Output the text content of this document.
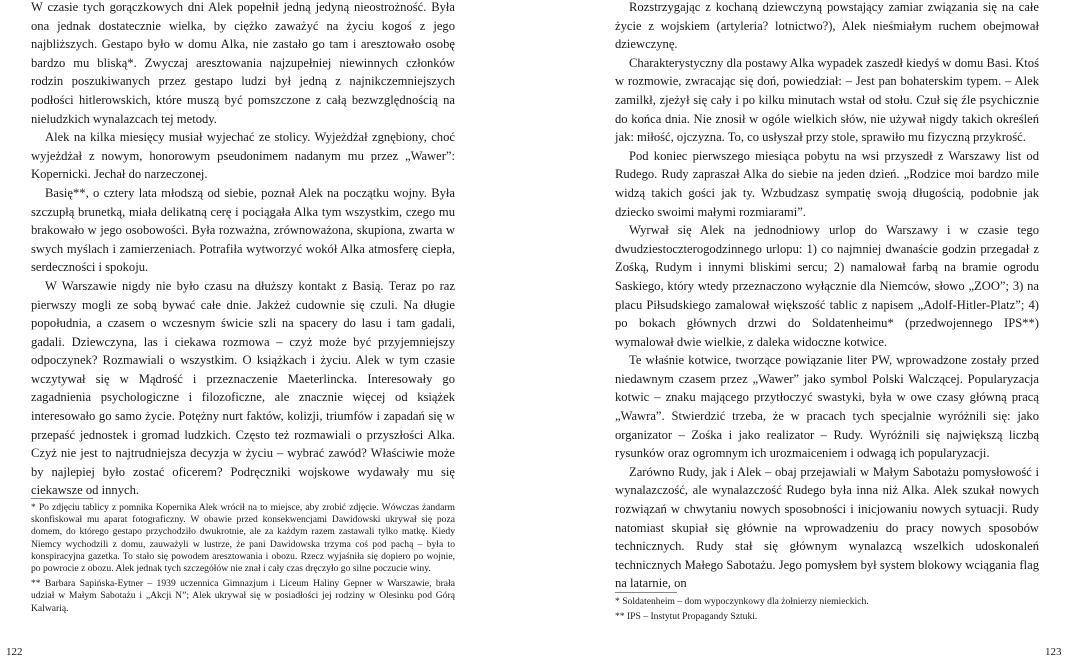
W czasie tych gorączkowych dni Alek popełnił jedną jedyną nieostrożność. Była ona jednak dostatecznie wielka, by ciężko zaważyć na życiu kogoś z jego najbliższych. Gestapo było w domu Alka, nie zastało go tam i aresztowało osobę bardzo mu bliską*. Zwyczaj aresztowania najzupełniej niewinnych członków rodzin poszukiwanych przez gestapo ludzi był jedną z najnikczemniejszych podłości hitlerowskich, które muszą być pomszczone z całą bezwzględnością na nieludzkich wynalazcach tej metody.

Alek na kilka miesięcy musiał wyjechać ze stolicy. Wyjeżdżał zgnębiony, choć wyjeżdżał z nowym, honorowym pseudonimem nadanym mu przez „Wawer”: Kopernicki. Jechał do narzeczonej.

Basię**, o cztery lata młodszą od siebie, poznał Alek na początku wojny. Była szczupłą brunetką, miała delikatną cerę i pociągała Alka tym wszystkim, czego mu brakowało w jego osobowości. Była rozważna, zrównoważona, skupiona, zwarta w swych myślach i zamierzeniach. Potrafiła wytworzyć wokół Alka atmosferę ciepła, serdeczności i spokoju.

W Warszawie nigdy nie było czasu na dłuższy kontakt z Basią. Teraz po raz pierwszy mogli ze sobą bywać całe dnie. Jakżeż cudownie się czuli. Na długie popołudnia, a czasem o wczesnym świcie szli na spacery do lasu i tam gadali, gadali. Dziewczyna, las i ciekawa rozmowa – czyż może być przyjemniejszy odpoczynek? Rozmawiali o wszystkim. O książkach i życiu. Alek w tym czasie wczytywał się w Mądrość i przeznaczenie Maeterlincka. Interesowały go zagadnienia psychologiczne i filozoficzne, ale znacznie więcej od książek interesowało go samo życie. Potężny nurt faktów, kolizji, triumfów i zapadań się w przepaść jednostek i gromad ludzkich. Często też rozmawiali o przyszłości Alka. Czyż nie jest to najtrudniejsza decyzja w życiu – wybrać zawód? Właściwie może by najlepiej było zostać oficerem? Podręczniki wojskowe wydawały mu się ciekawsze od innych.

* Po zdjęciu tablicy z pomnika Kopernika Alek wrócił na to miejsce, aby zrobić zdjęcie. Wówczas żandarm skonfiskował mu aparat fotograficzny. W obawie przed konsekwencjami Dawidowski ukrywał się poza domem, do którego gestapo przychodziło dwukrotnie, ale za każdym razem zastawali tylko matkę. Kiedy Niemcy wychodzili z domu, zauważyli w lustrze, że pani Dawidowska trzyma coś pod pachą – była to konspiracyjna gazetka. To stało się powodem aresztowania i obozu. Rzecz wyjaśniła się dopiero po wojnie, po powrocie z obozu. Alek jednak tych szczegółów nie znał i cały czas dręczyło go silne poczucie winy.

** Barbara Sapińska-Eytner – 1939 uczennica Gimnazjum i Liceum Haliny Gepner w Warszawie, brała udział w Małym Sabotażu i „Akcji N”; Alek ukrywał się w posiadłości jej rodziny w Olesinku pod Górą Kalwarią.

122

Rozstrzygając z kochaną dziewczyną powstający zamiar związania się na całe życie z wojskiem (artyleria? lotnictwo?), Alek nieśmiałym ruchem obejmował dziewczynę.

Charakterystyczny dla postawy Alka wypadek zaszedł kiedyś w domu Basi. Ktoś w rozmowie, zwracając się doń, powiedział: – Jest pan bohaterskim typem. – Alek zamilkł, zjeżył się cały i po kilku minutach wstał od stołu. Czuł się źle psychicznie do końca dnia. Nie znosił w ogóle wielkich słów, nie używał nigdy takich określeń jak: miłość, ojczyzna. To, co usłyszał przy stole, sprawiło mu fizyczną przykrość.

Pod koniec pierwszego miesiąca pobytu na wsi przyszedł z Warszawy list od Rudego. Rudy zapraszał Alka do siebie na jeden dzień. „Rodzice moi bardzo mile widzą takich gości jak ty. Wzbudzasz sympatię swoją długością, podobnie jak dziecko swoimi małymi rozmiarami”.

Wyrwał się Alek na jednodniowy urlop do Warszawy i w czasie tego dwudziestoczterogodzinnego urlopu: 1) co najmniej dwanaście godzin przegadał z Zośką, Rudym i innymi bliskimi sercu; 2) namalował farbą na bramie ogrodu Saskiego, który wtedy przeznaczono wyłącznie dla Niemców, słowo „ZOO”; 3) na placu Piłsudskiego zamalował większość tablic z napisem „Adolf-Hitler-Platz”; 4) po bokach głównych drzwi do Soldatenheimu* (przedwojennego IPS**) wymalował dwie wielkie, z daleka widoczne kotwice.

Te właśnie kotwice, tworzące powiązanie liter PW, wprowadzone zostały przed niedawnym czasem przez „Wawer” jako symbol Polski Walczącej. Popularyzacja kotwic – znaku mającego przytłoczyć swastyki, była w owe czasy główną pracą „Wawra”. Stwierdzić trzeba, że w pracach tych specjalnie wyróżnili się: jako organizator – Zośka i jako realizator – Rudy. Wyróżnili się największą liczbą rysunków oraz ogromnym ich urozmaiceniem i odwagą ich popularyzacji.

Zarówno Rudy, jak i Alek – obaj przejawiali w Małym Sabotażu pomysłowość i wynalazczość, ale wynalazczość Rudego była inna niż Alka. Alek szukał nowych rozwiązań w chwytaniu nowych sposobności i inicjowaniu nowych sytuacji. Rudy natomiast skupiał się głównie na wprowadzeniu do pracy nowych sposobów technicznych. Rudy stał się głównym wynalazcą wszelkich udoskonaleń technicznych Małego Sabotażu. Jego pomysłem był system blokowy wciągania flag na latarnie, on

* Soldatenheim – dom wypoczynkowy dla żołnierzy niemieckich.

** IPS – Instytut Propagandy Sztuki.

123
